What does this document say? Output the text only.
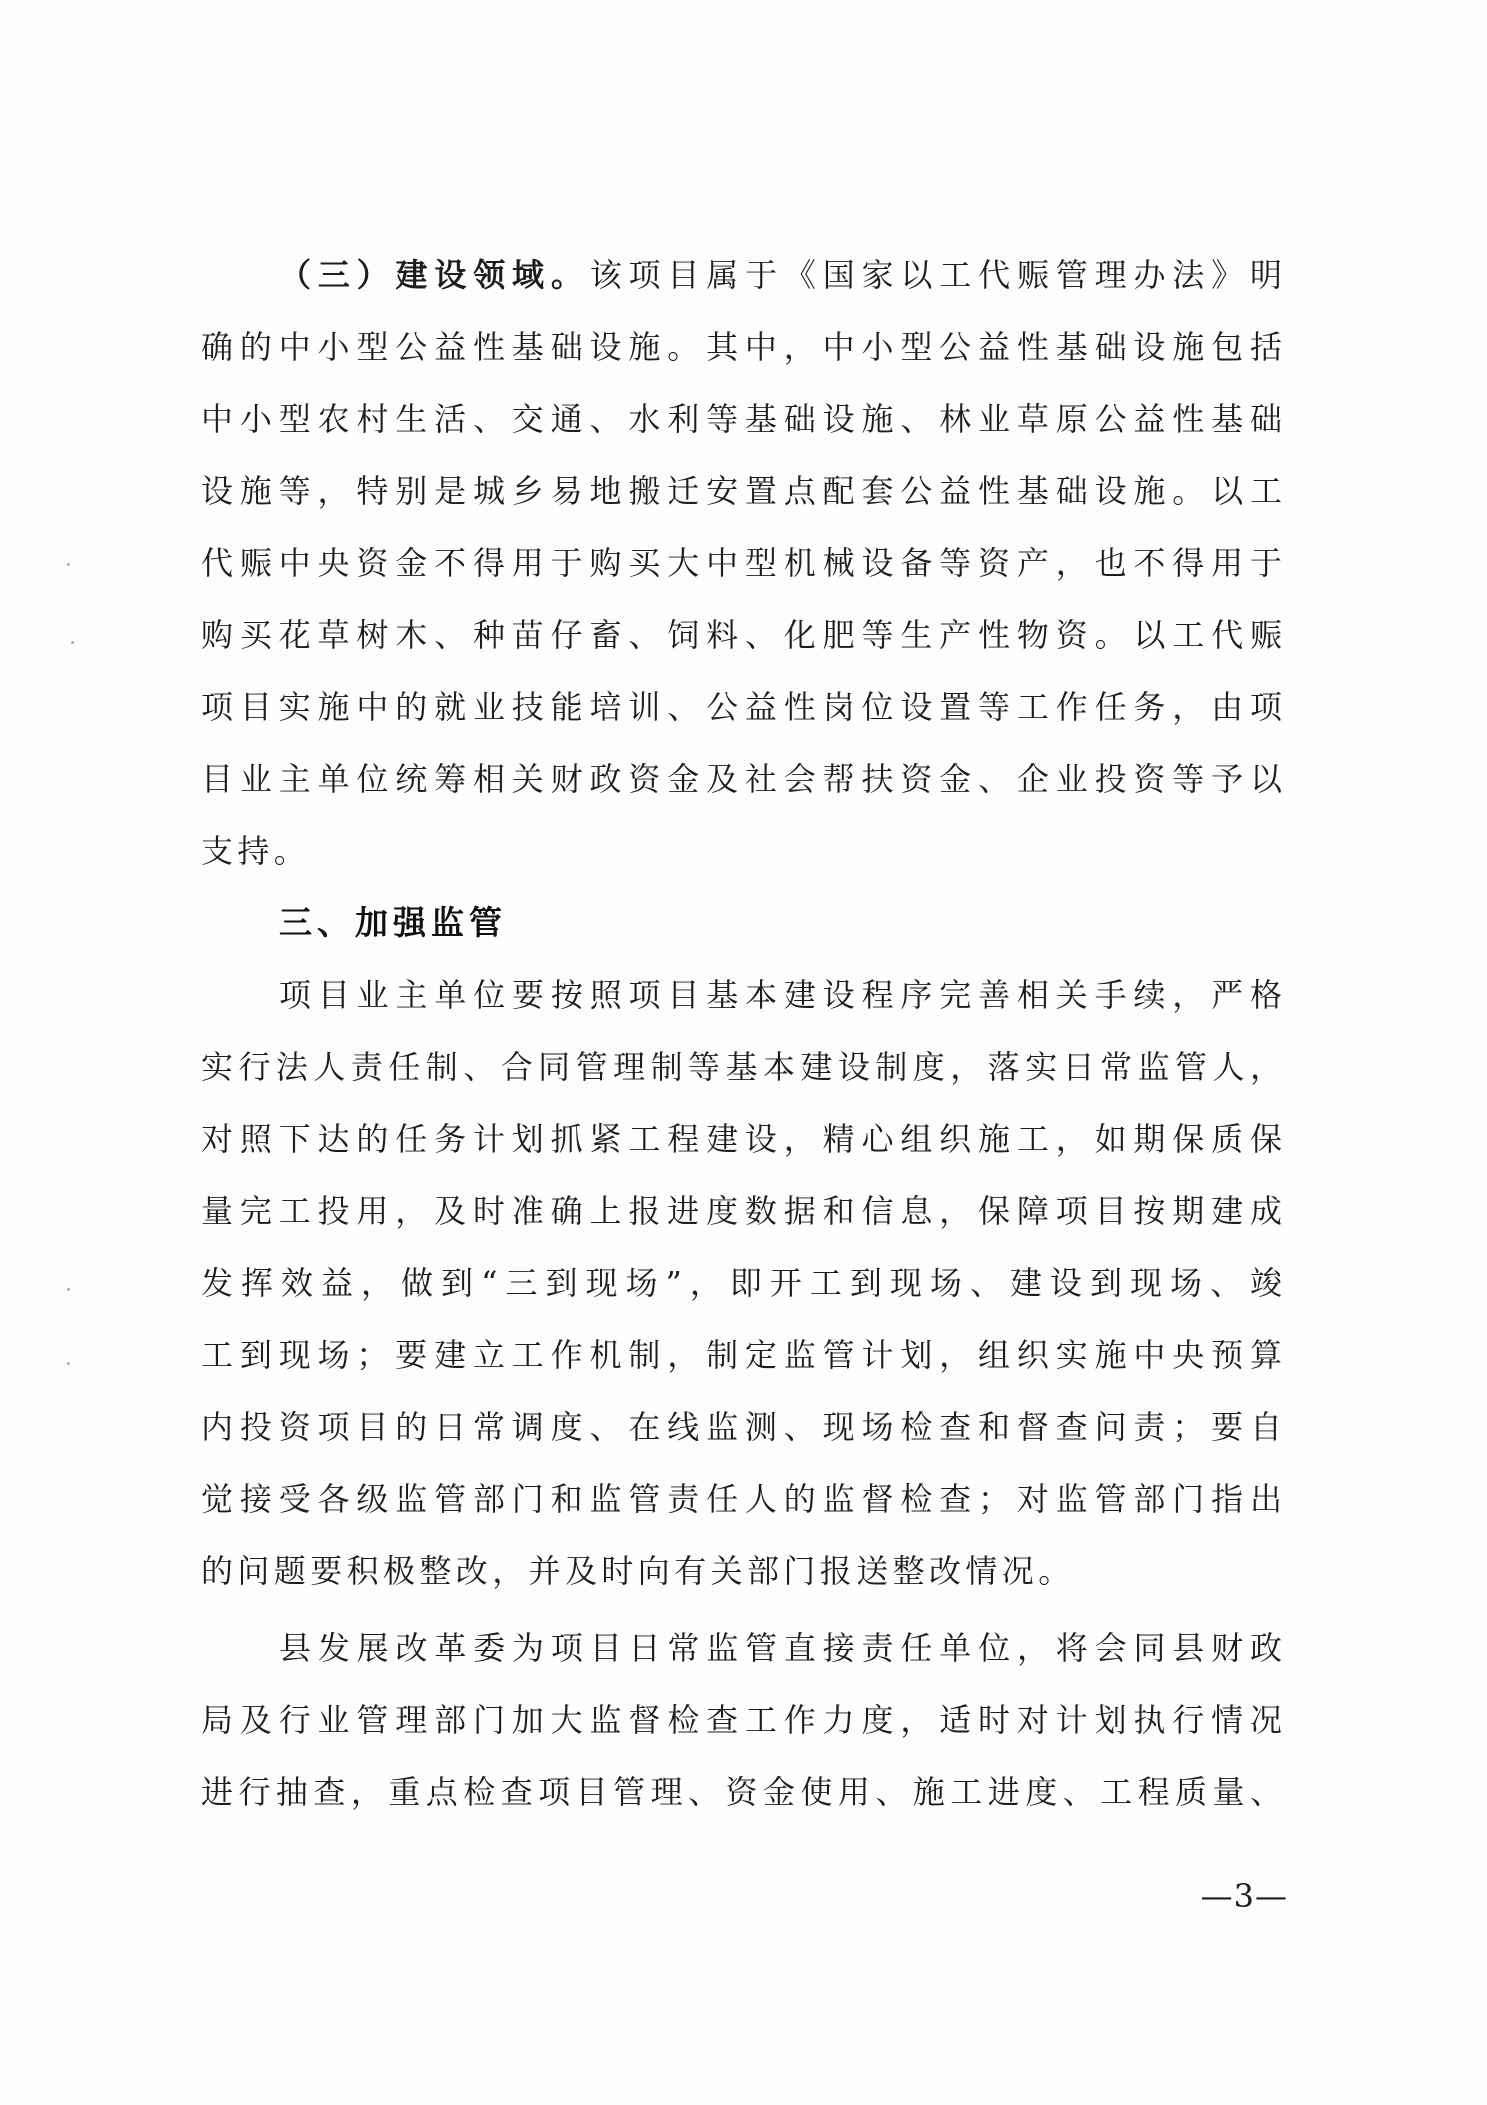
（三）建设领域。该项目属于《国家以工代赈管理办法》明
确的中小型公益性基础设施。其中，中小型公益性基础设施包括
中小型农村生活、交通、水利等基础设施、林业草原公益性基础
设施等，特别是城乡易地搬迁安置点配套公益性基础设施。以工
代赈中央资金不得用于购买大中型机械设备等资产，也不得用于
购买花草树木、种苗仔畜、饲料、化肥等生产性物资。以工代赈
项目实施中的就业技能培训、公益性岗位设置等工作任务，由项
目业主单位统筹相关财政资金及社会帮扶资金、企业投资等予以
支持。
三、加强监管
项目业主单位要按照项目基本建设程序完善相关手续，严格
实行法人责任制、合同管理制等基本建设制度，落实日常监管人，
对照下达的任务计划抓紧工程建设，精心组织施工，如期保质保
量完工投用，及时准确上报进度数据和信息，保障项目按期建成
发挥效益，做到“三到现场”，即开工到现场、建设到现场、竣
工到现场；要建立工作机制，制定监管计划，组织实施中央预算
内投资项目的日常调度、在线监测、现场检查和督查问责；要自
觉接受各级监管部门和监管责任人的监督检查；对监管部门指出
的问题要积极整改，并及时向有关部门报送整改情况。
县发展改革委为项目日常监管直接责任单位，将会同县财政
局及行业管理部门加大监督检查工作力度，适时对计划执行情况
进行抽查，重点检查项目管理、资金使用、施工进度、工程质量、
—3—
